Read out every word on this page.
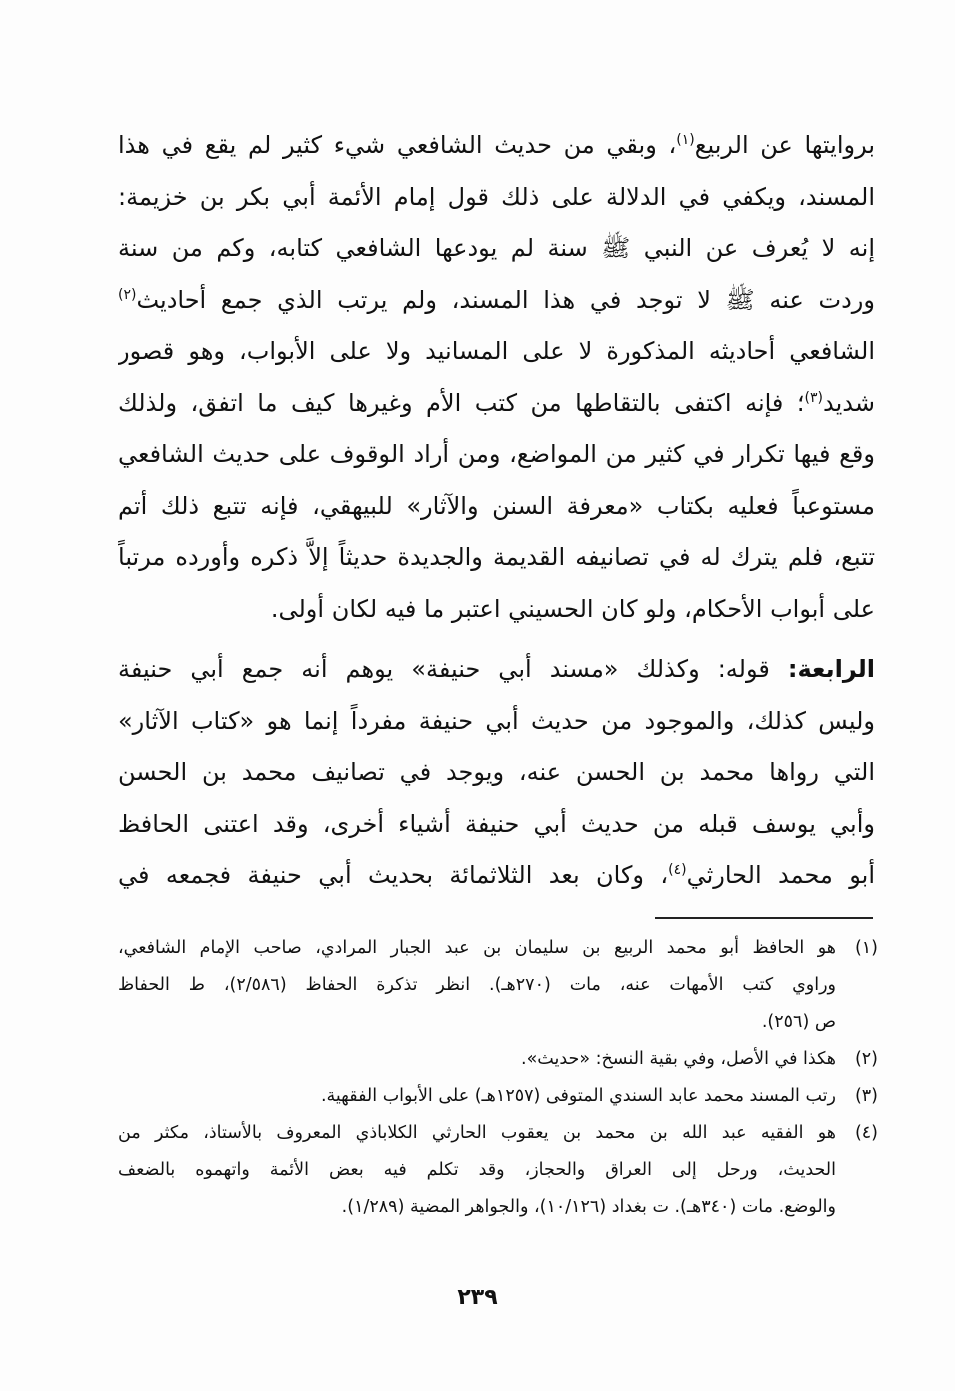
بروايتها عن الربيع$^{(١)}$، وبقي من حديث الشافعي شيء كثير لم يقع في هذا
المسند، ويكفي في الدلالة على ذلك قول إمام الأئمة أبي بكر بن خزيمة:
إنه لا يُعرف عن النبي ﷺ سنة لم يودعها الشافعي كتابه، وكم من سنة
وردت عنه ﷺ لا توجد في هذا المسند، ولم يرتب الذي جمع أحاديث$^{(٢)}$
الشافعي أحاديثه المذكورة لا على المسانيد ولا على الأبواب، وهو قصور
شديد$^{(٣)}$؛ فإنه اكتفى بالتقاطها من كتب الأم وغيرها كيف ما اتفق، ولذلك
وقع فيها تكرار في كثير من المواضع، ومن أراد الوقوف على حديث الشافعي
مستوعباً فعليه بكتاب «معرفة السنن والآثار» للبيهقي، فإنه تتبع ذلك أتم
تتبع، فلم يترك له في تصانيفه القديمة والجديدة حديثاً إلاَّ ذكره وأورده مرتباً
على أبواب الأحكام، ولو كان الحسيني اعتبر ما فيه لكان أولى.
الرابعة: قوله: وكذلك «مسند أبي حنيفة» يوهم أنه جمع أبي حنيفة
وليس كذلك، والموجود من حديث أبي حنيفة مفرداً إنما هو «كتاب الآثار»
التي رواها محمد بن الحسن عنه، ويوجد في تصانيف محمد بن الحسن
وأبي يوسف قبله من حديث أبي حنيفة أشياء أخرى، وقد اعتنى الحافظ
أبو محمد الحارثي$^{(٤)}$، وكان بعد الثلاثمائة بحديث أبي حنيفة فجمعه في
(١)
هو الحافظ أبو محمد الربيع بن سليمان بن عبد الجبار المرادي، صاحب الإمام الشافعي،
وراوي كتب الأمهات عنه، مات (٢٧٠هـ). انظر تذكرة الحفاظ (٢/٥٨٦)، ط الحفاظ
ص (٢٥٦).
(٢)
هكذا في الأصل، وفي بقية النسخ: «حديث».
(٣)
رتب المسند محمد عابد السندي المتوفى (١٢٥٧هـ) على الأبواب الفقهية.
(٤)
هو الفقيه عبد الله بن محمد بن يعقوب الحارثي الكلاباذي المعروف بالأستاذ، مكثر من
الحديث، ورحل إلى العراق والحجاز، وقد تكلم فيه بعض الأئمة واتهموه بالضعف
والوضع. مات (٣٤٠هـ). ت بغداد (١٠/١٢٦)، والجواهر المضية (١/٢٨٩).
٢٣٩
